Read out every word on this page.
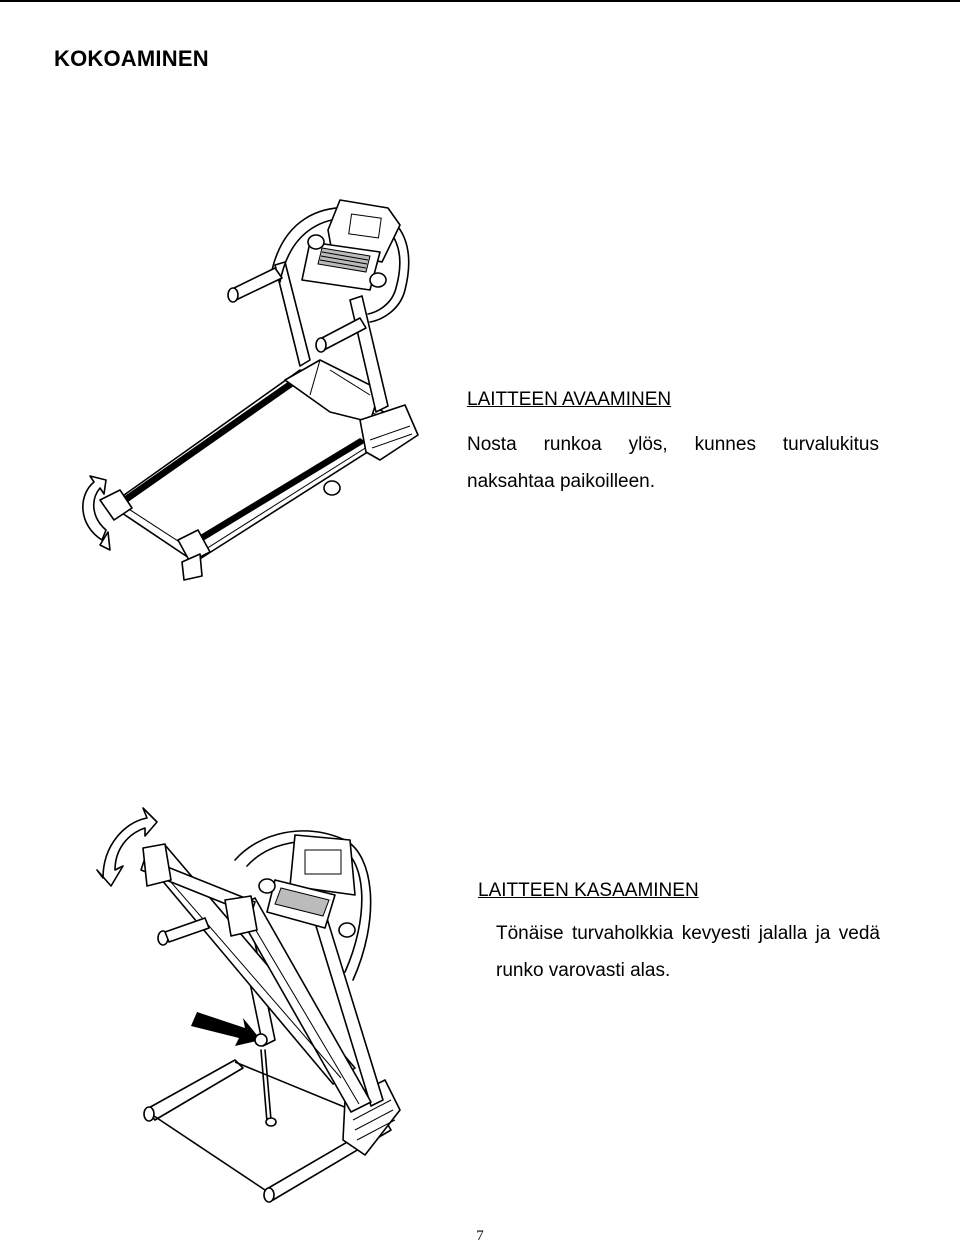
KOKOAMINEN
LAITTEEN AVAAMINEN

Nosta runkoa ylös, kunnes turvalukitus naksahtaa paikoilleen.

LAITTEEN KASAAMINEN

Tönäise turvaholkkia kevyesti jalalla ja vedä runko varovasti alas.

7
